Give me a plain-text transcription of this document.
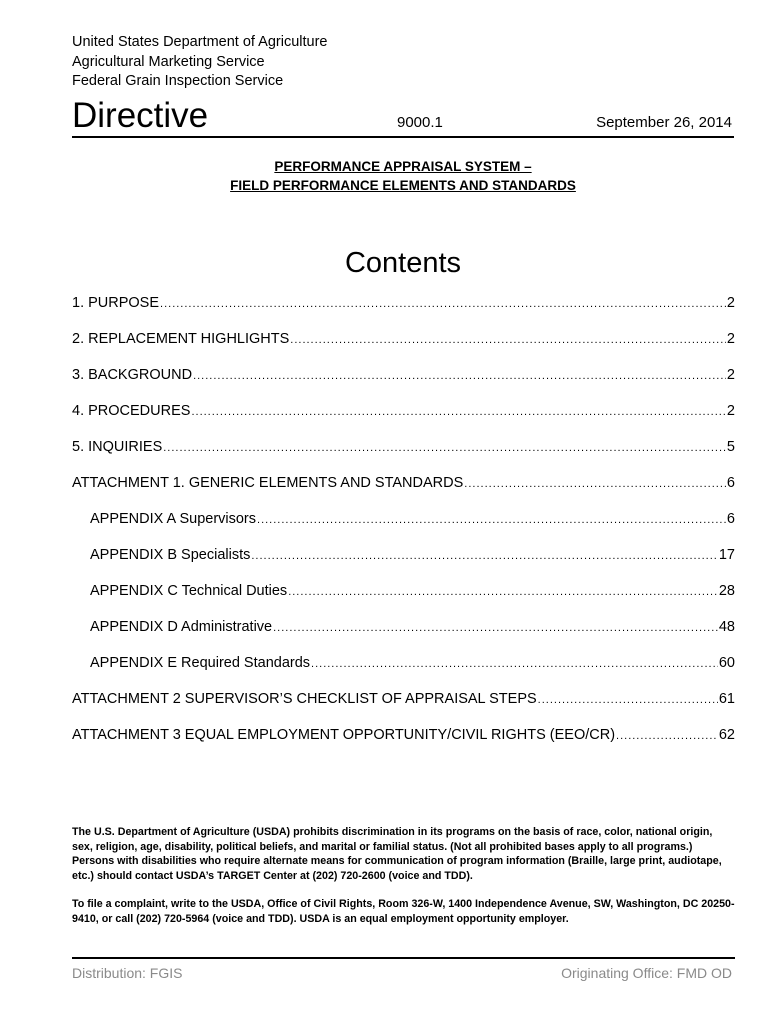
United States Department of Agriculture
Agricultural Marketing Service
Federal Grain Inspection Service
Directive	9000.1	September 26, 2014
PERFORMANCE APPRAISAL SYSTEM –
FIELD PERFORMANCE ELEMENTS AND STANDARDS
Contents
1. PURPOSE .....	2
2. REPLACEMENT HIGHLIGHTS .....	2
3. BACKGROUND .....	2
4. PROCEDURES .....	2
5. INQUIRIES .....	5
ATTACHMENT 1. GENERIC ELEMENTS AND STANDARDS .....	6
APPENDIX A Supervisors .....	6
APPENDIX B Specialists .....	17
APPENDIX C Technical Duties .....	28
APPENDIX D Administrative .....	48
APPENDIX E Required Standards .....	60
ATTACHMENT 2 SUPERVISOR’S CHECKLIST OF APPRAISAL STEPS .....	61
ATTACHMENT 3 EQUAL EMPLOYMENT OPPORTUNITY/CIVIL RIGHTS (EEO/CR) .....	62

The U.S. Department of Agriculture (USDA) prohibits discrimination in its programs on the basis of race, color, national origin, sex, religion, age, disability, political beliefs, and marital or familial status. (Not all prohibited bases apply to all programs.) Persons with disabilities who require alternate means for communication of program information (Braille, large print, audiotape, etc.) should contact USDA’s TARGET Center at (202) 720-2600 (voice and TDD).

To file a complaint, write to the USDA, Office of Civil Rights, Room 326-W, 1400 Independence Avenue, SW, Washington, DC 20250-9410, or call (202) 720-5964 (voice and TDD). USDA is an equal employment opportunity employer.

Distribution: FGIS	Originating Office: FMD OD
